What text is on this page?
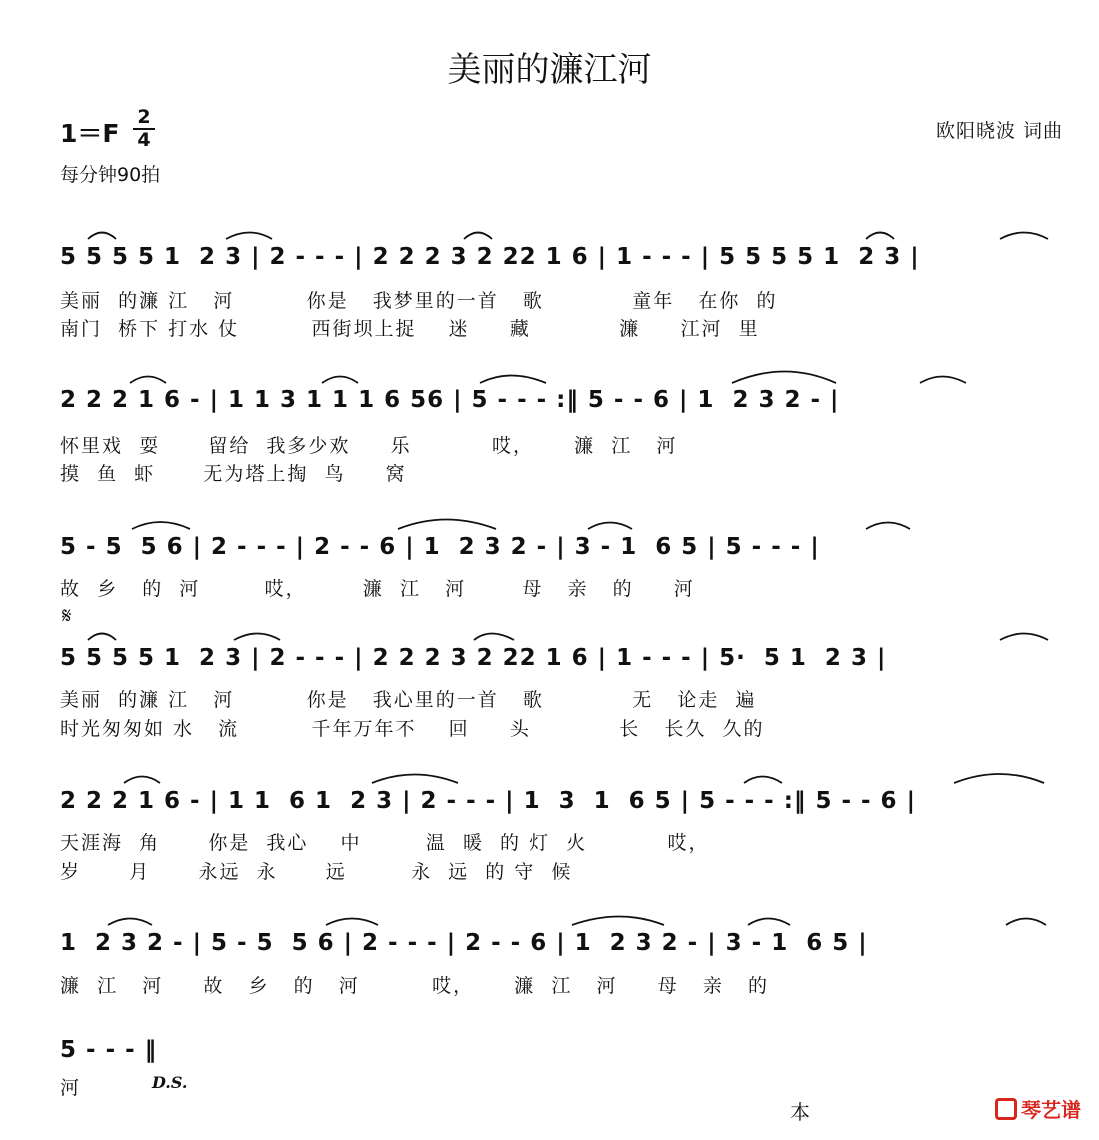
美丽的濂江河
1＝F
2
4
每分钟90拍
欧阳晓波 词曲
5 5 5 5 1  2 3 | 2 - - - | 2 2 2 3 2 22 1 6 | 1 - - - | 5 5 5 5 1  2 3 |
美丽  的濂 江   河         你是   我梦里的一首   歌           童年   在你  的
南门  桥下 打水 仗         西街坝上捉    迷     藏           濂     江河  里
2 2 2 1 6 - | 1 1 3 1 1 1 6 56 | 5 - - - :‖ 5 - - 6 | 1  2 3 2 - |
怀里戏  耍      留给  我多少欢     乐          哎，     濂  江   河
摸  鱼  虾      无为塔上掏  鸟     窝
5 - 5  5 6 | 2 - - - | 2 - - 6 | 1  2 3 2 - | 3 - 1  6 5 | 5 - - - |
故  乡   的  河        哎，       濂  江   河       母   亲   的     河
𝄋
5 5 5 5 1  2 3 | 2 - - - | 2 2 2 3 2 22 1 6 | 1 - - - | 5·  5 1  2 3 |
美丽  的濂 江   河         你是   我心里的一首   歌           无   论走  遍
时光匆匆如 水   流         千年万年不    回     头           长   长久  久的
2 2 2 1 6 - | 1 1  6 1  2 3 | 2 - - - | 1  3  1  6 5 | 5 - - - :‖ 5 - - 6 |
天涯海  角      你是  我心    中        温  暖  的 灯  火          哎，
岁      月      永远  永      远        永  远  的 守  候
1  2 3 2 - | 5 - 5  5 6 | 2 - - - | 2 - - 6 | 1  2 3 2 - | 3 - 1  6 5 |
濂  江   河     故   乡   的   河         哎，     濂  江   河     母   亲   的
5 - - - ‖
河	D.S.
本	琴艺谱
